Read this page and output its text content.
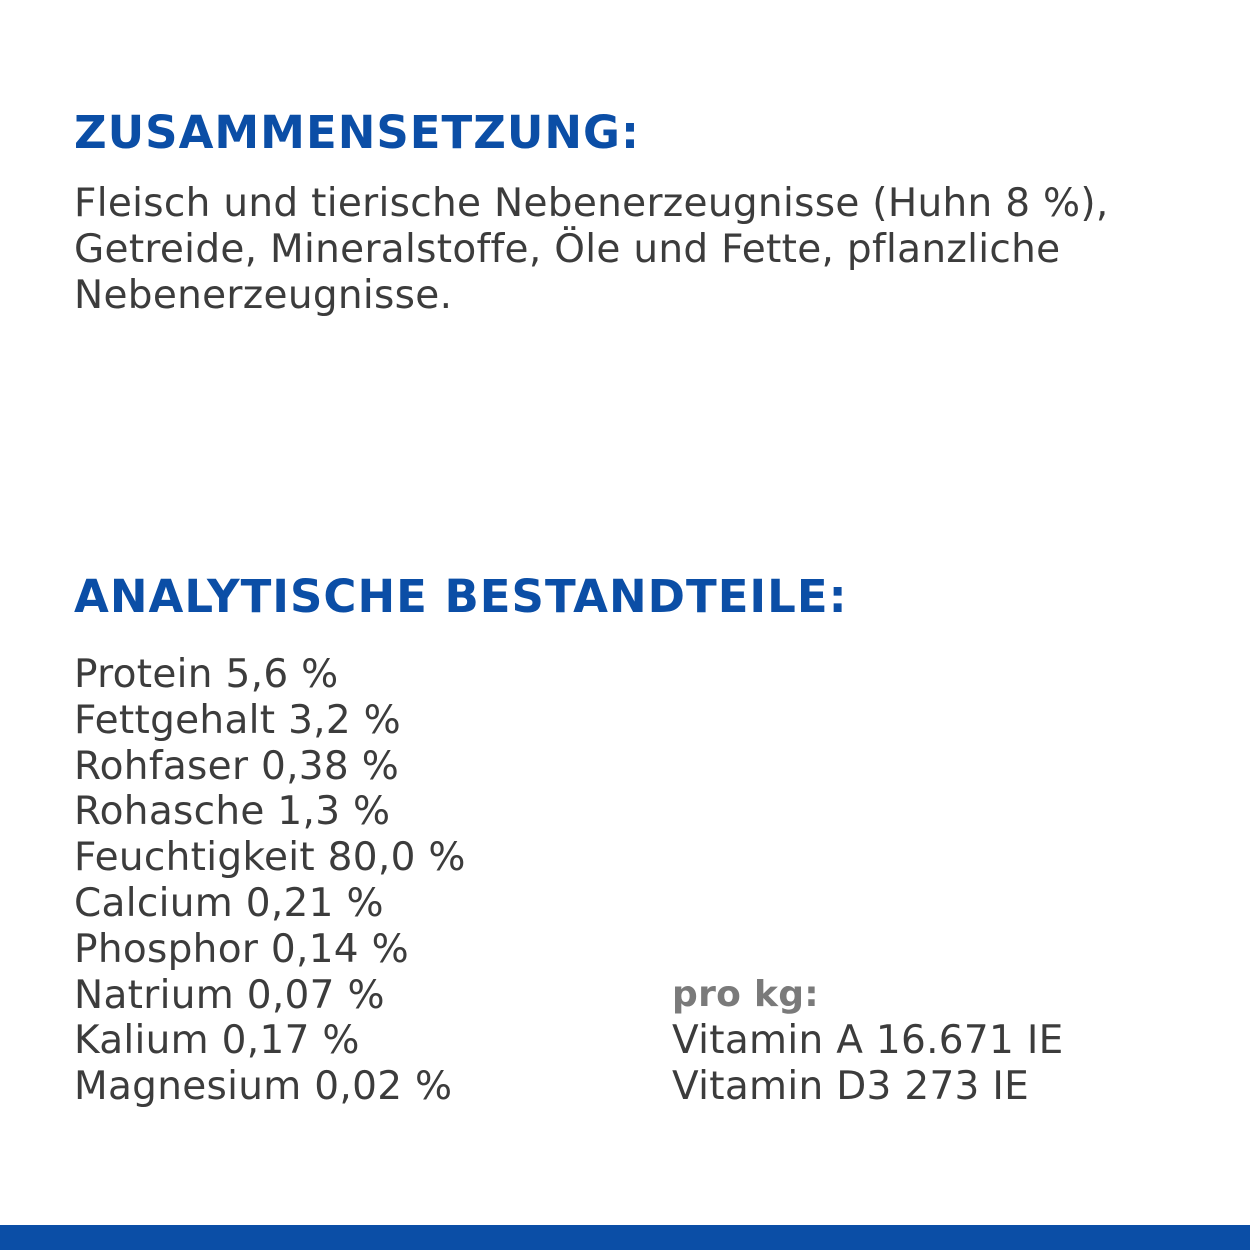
ZUSAMMENSETZUNG:
Fleisch und tierische Nebenerzeugnisse (Huhn 8 %),
Getreide, Mineralstoffe, Öle und Fette, pflanzliche
Nebenerzeugnisse.
ANALYTISCHE BESTANDTEILE:
Protein 5,6 %
Fettgehalt 3,2 %
Rohfaser 0,38 %
Rohasche 1,3 %
Feuchtigkeit 80,0 %
Calcium 0,21 %
Phosphor 0,14 %
Natrium 0,07 %
Kalium 0,17 %
Magnesium 0,02 %
pro kg:
Vitamin A 16.671 IE
Vitamin D3 273 IE
